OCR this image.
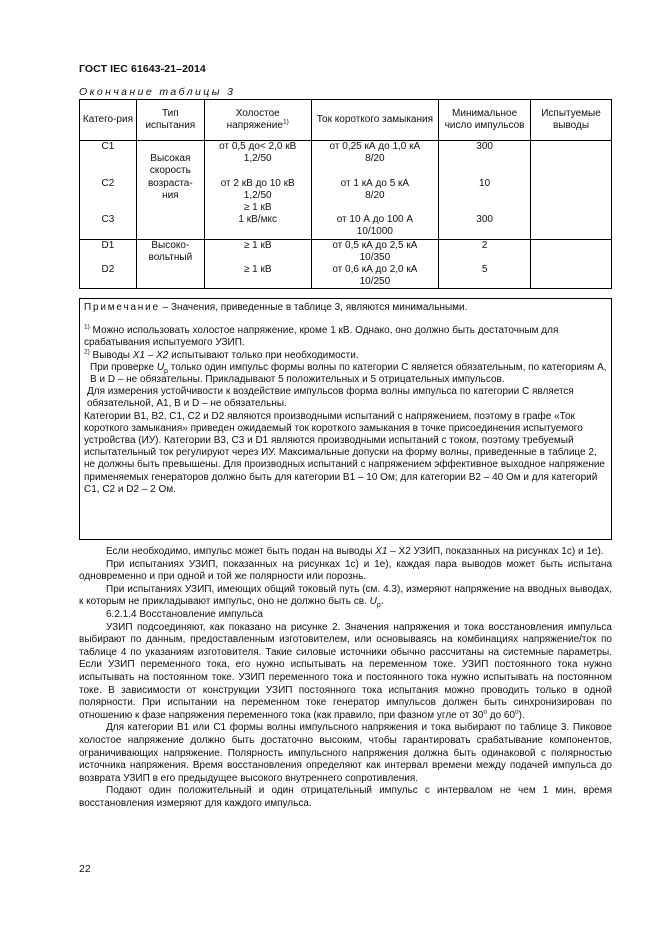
ГОСТ IEC 61643-21–2014
Окончание таблицы 3
Катего-рия	Тип испытания	Холостое напряжение$^{1)}$	Ток короткого замыкания	Минимальное число импульсов	Испытуемые выводы
C1		от 0,5 до< 2,0 кВ	от 0,25 кА до 1,0 кА	300	
	Высокая	1,2/50	8/20		
	скорость				
C2	возраста-	от 2 кВ до 10 кВ	от 1 кА до 5 кА	10	
	ния	1,2/50	8/20		
		≥ 1 кВ			
C3		1 кВ/мкс	от 10 А до 100 А	300	
			10/1000		
D1	Высоко-	≥ 1 кВ	от 0,5 кА до 2,5 кА	2	
	вольтный		10/350		
D2		≥ 1 кВ	от 0,6 кА до 2,0 кА	5	
			10/250		

Примечание – Значения, приведенные в таблице 3, являются минимальными.

$^{1)}$ Можно использовать холостое напряжение, кроме 1 кВ. Однако, оно должно быть достаточным для срабатывания испытуемого УЗИП.

$^{2)}$ Выводы X1 – X2 испытывают только при необходимости.

При проверке $U_p$ только один импульс формы волны по категории C является обязательным, по категориям A, B и D – не обязательны. Прикладывают 5 положительных и 5 отрицательных импульсов.

Для измерения устойчивости к воздействие импульсов форма волны импульса по категории C является обязательной, A1, B и D – не обязательны.

Категории B1, B2, C1, C2 и D2 являются производными испытаний с напряжением, поэтому в графе «Ток короткого замыкания» приведен ожидаемый ток короткого замыкания в точке присоединения испытуемого устройства (ИУ). Категории B3, C3 и D1 являются производными испытаний с током, поэтому требуемый испытательный ток регулируют через ИУ. Максимальные допуски на форму волны, приведенные в таблице 2, не должны быть превышены. Для производных испытаний с напряжением эффективное выходное напряжение применяемых генераторов должно быть для категории B1 – 10 Ом; для категории B2 – 40 Ом и для категорий C1, C2 и D2 – 2 Ом.

Если необходимо, импульс может быть подан на выводы X1 – X2 УЗИП, показанных на рисунках 1c) и 1e).

При испытаниях УЗИП, показанных на рисунках 1c) и 1e), каждая пара выводов может быть испытана одновременно и при одной и той же полярности или порознь.

При испытаниях УЗИП, имеющих общий токовый путь (см. 4.3), измеряют напряжение на вводных выводах, к которым не прикладывают импульс, оно не должно быть св. $U_p$.

6.2.1.4 Восстановление импульса

УЗИП подсоединяют, как показано на рисунке 2. Значения напряжения и тока восстановления импульса выбирают по данным, предоставленным изготовителем, или основываясь на комбинациях напряжение/ток по таблице 4 по указаниям изготовителя. Такие силовые источники обычно рассчитаны на системные параметры. Если УЗИП переменного тока, его нужно испытывать на переменном токе. УЗИП постоянного тока нужно испытывать на постоянном токе. УЗИП переменного тока и постоянного тока нужно испытывать на постоянном токе. В зависимости от конструкции УЗИП постоянного тока испытания можно проводить только в одной полярности. При испытании на переменном токе генератор импульсов должен быть синхронизирован по отношению к фазе напряжения переменного тока (как правило, при фазном угле от 30$^o$ до 60$^o$).

Для категории B1 или C1 формы волны импульсного напряжения и тока выбирают по таблице 3. Пиковое холостое напряжение должно быть достаточно высоким, чтобы гарантировать срабатывание компонентов, ограничивающих напряжение. Полярность импульсного напряжения должна быть одинаковой с полярностью источника напряжения. Время восстановления определяют как интервал времени между подачей импульса до возврата УЗИП в его предыдущее высокого внутреннего сопротивления.

Подают один положительный и один отрицательный импульс с интервалом не чем 1 мин, время восстановления измеряют для каждого импульса.

22
